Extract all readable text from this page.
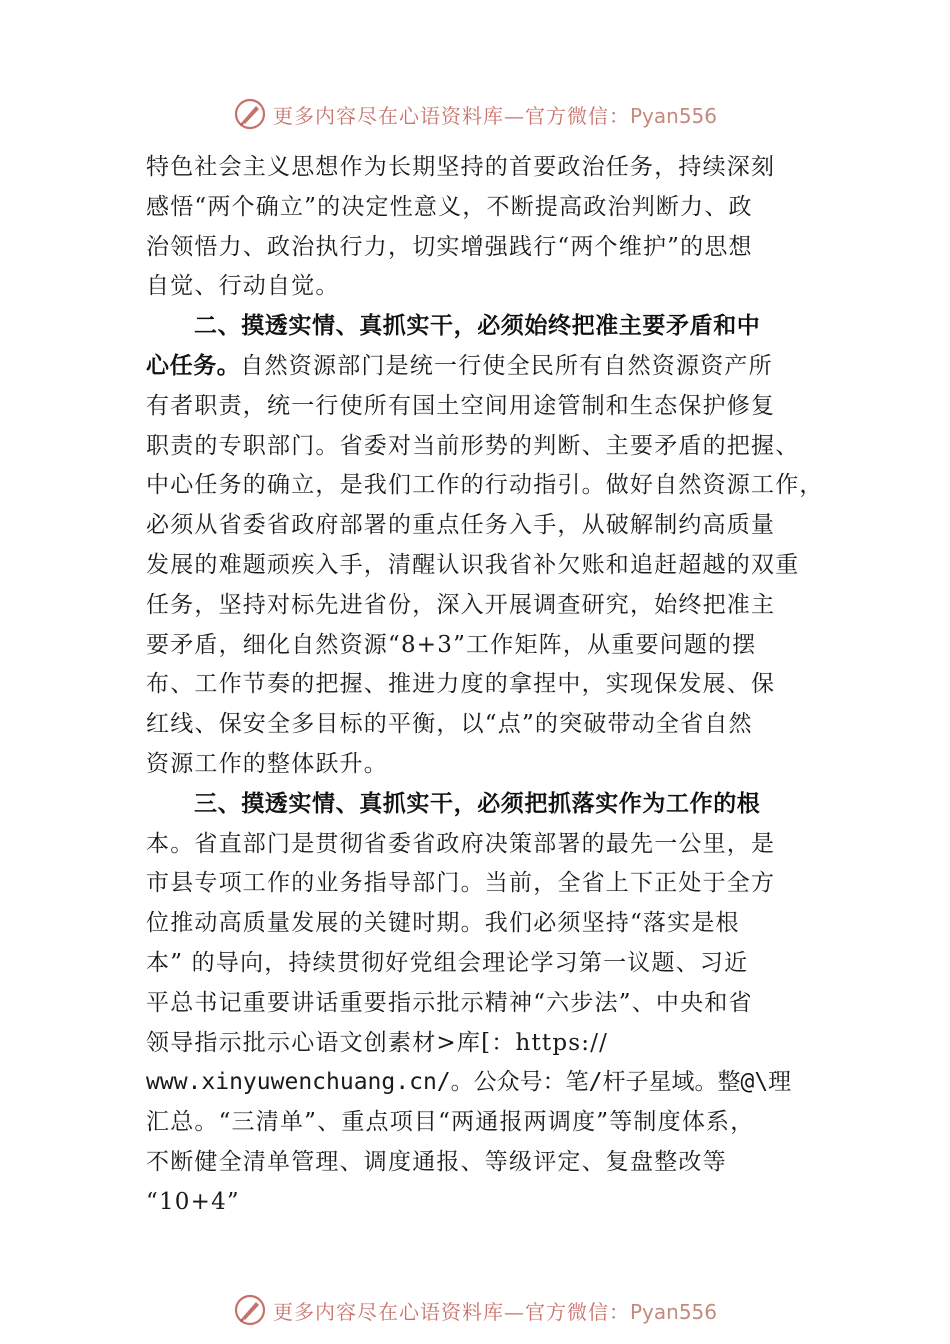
更多内容尽在心语资料库—官方微信：Pyan556
特色社会主义思想作为长期坚持的首要政治任务，持续深刻
感悟“两个确立”的决定性意义，不断提高政治判断力、政
治领悟力、政治执行力，切实增强践行“两个维护”的思想
自觉、行动自觉。
二、摸透实情、真抓实干，必须始终把准主要矛盾和中
心任务。自然资源部门是统一行使全民所有自然资源资产所
有者职责，统一行使所有国土空间用途管制和生态保护修复
职责的专职部门。省委对当前形势的判断、主要矛盾的把握、
中心任务的确立，是我们工作的行动指引。做好自然资源工作，
必须从省委省政府部署的重点任务入手，从破解制约高质量
发展的难题顽疾入手，清醒认识我省补欠账和追赶超越的双重
任务，坚持对标先进省份，深入开展调查研究，始终把准主
要矛盾，细化自然资源“8+3”工作矩阵，从重要问题的摆
布、工作节奏的把握、推进力度的拿捏中，实现保发展、保
红线、保安全多目标的平衡，以“点”的突破带动全省自然
资源工作的整体跃升。
三、摸透实情、真抓实干，必须把抓落实作为工作的根
本。省直部门是贯彻省委省政府决策部署的最先一公里，是
市县专项工作的业务指导部门。当前，全省上下正处于全方
位推动高质量发展的关键时期。我们必须坚持“落实是根
本” 的导向，持续贯彻好党组会理论学习第一议题、习近
平总书记重要讲话重要指示批示精神“六步法”、中央和省
领导指示批示心语文创素材>库[：https://
www.xinyuwenchuang.cn/。公众号：笔/杆子星域。整@\理
汇总。“三清单”、重点项目“两通报两调度”等制度体系，
不断健全清单管理、调度通报、等级评定、复盘整改等
“10+4”
更多内容尽在心语资料库—官方微信：Pyan556
